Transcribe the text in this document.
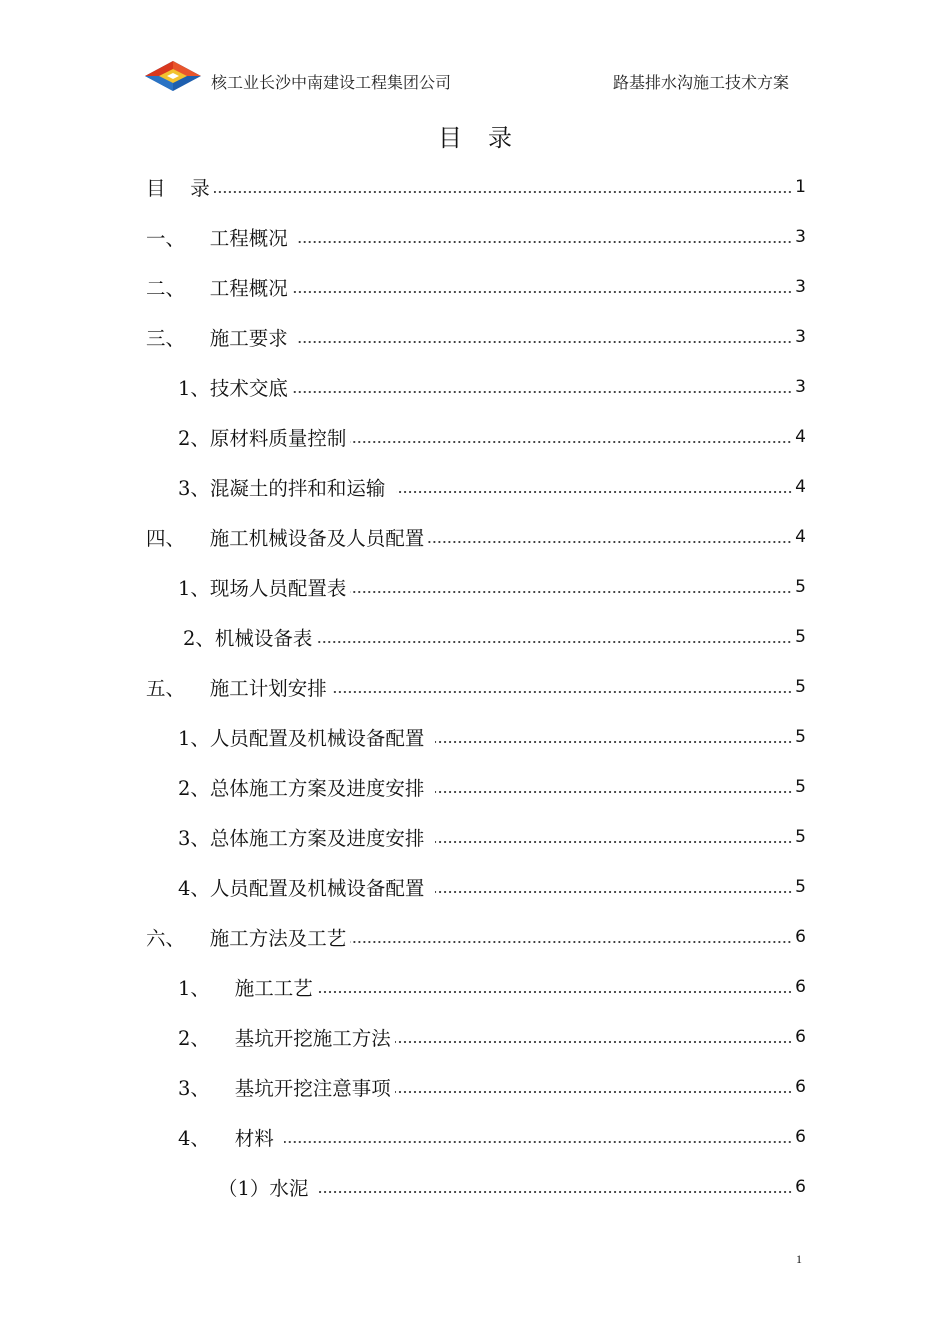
核工业长沙中南建设工程集团公司	路基排水沟施工技术方案
目录
目    录	1
一、    工程概况	3
二、    工程概况	3
三、    施工要求	3
1、技术交底	3
2、原材料质量控制	4
3、混凝土的拌和和运输	4
四、    施工机械设备及人员配置	4
1、现场人员配置表	5
2、机械设备表	5
五、    施工计划安排	5
1、人员配置及机械设备配置	5
2、总体施工方案及进度安排	5
3、总体施工方案及进度安排	5
4、人员配置及机械设备配置	5
六、    施工方法及工艺	6
1、    施工工艺	6
2、    基坑开挖施工方法	6
3、    基坑开挖注意事项	6
4、    材料	6
（1）水泥	6
1
